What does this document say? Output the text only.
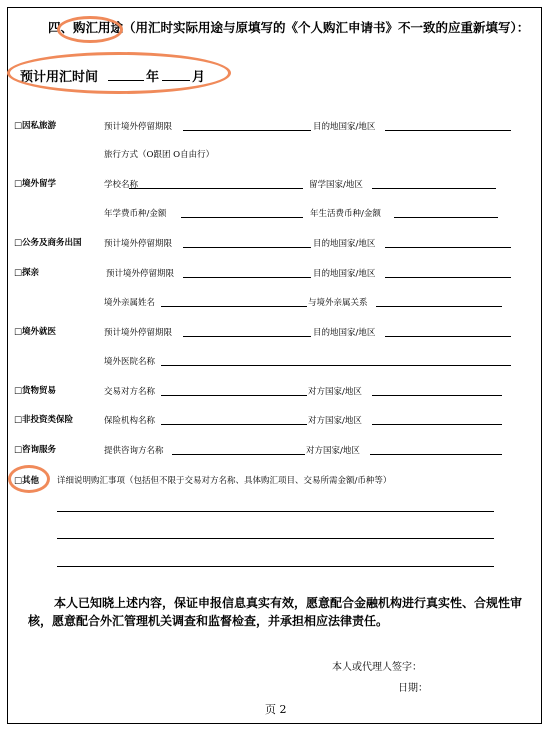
四、购汇用途（用汇时实际用途与原填写的《个人购汇申请书》不一致的应重新填写）：
预计用汇时间	年	月
□因私旅游	预计境外停留期限	目的地国家/地区
旅行方式（O跟团 O自由行）
□境外留学	学校名称	留学国家/地区
年学费币种/金额	年生活费币种/金额
□公务及商务出国	预计境外停留期限	目的地国家/地区
□探亲	预计境外停留期限	目的地国家/地区
境外亲属姓名	与境外亲属关系
□境外就医	预计境外停留期限	目的地国家/地区
境外医院名称
□货物贸易	交易对方名称	对方国家/地区
□非投资类保险	保险机构名称	对方国家/地区
□咨询服务	提供咨询方名称	对方国家/地区
□其他 详细说明购汇事项（包括但不限于交易对方名称、具体购汇项目、交易所需金额/币种等）
本人已知晓上述内容，保证申报信息真实有效，愿意配合金融机构进行真实性、合规性审核，愿意配合外汇管理机关调查和监督检查，并承担相应法律责任。
本人或代理人签字：
日期：
页 2
